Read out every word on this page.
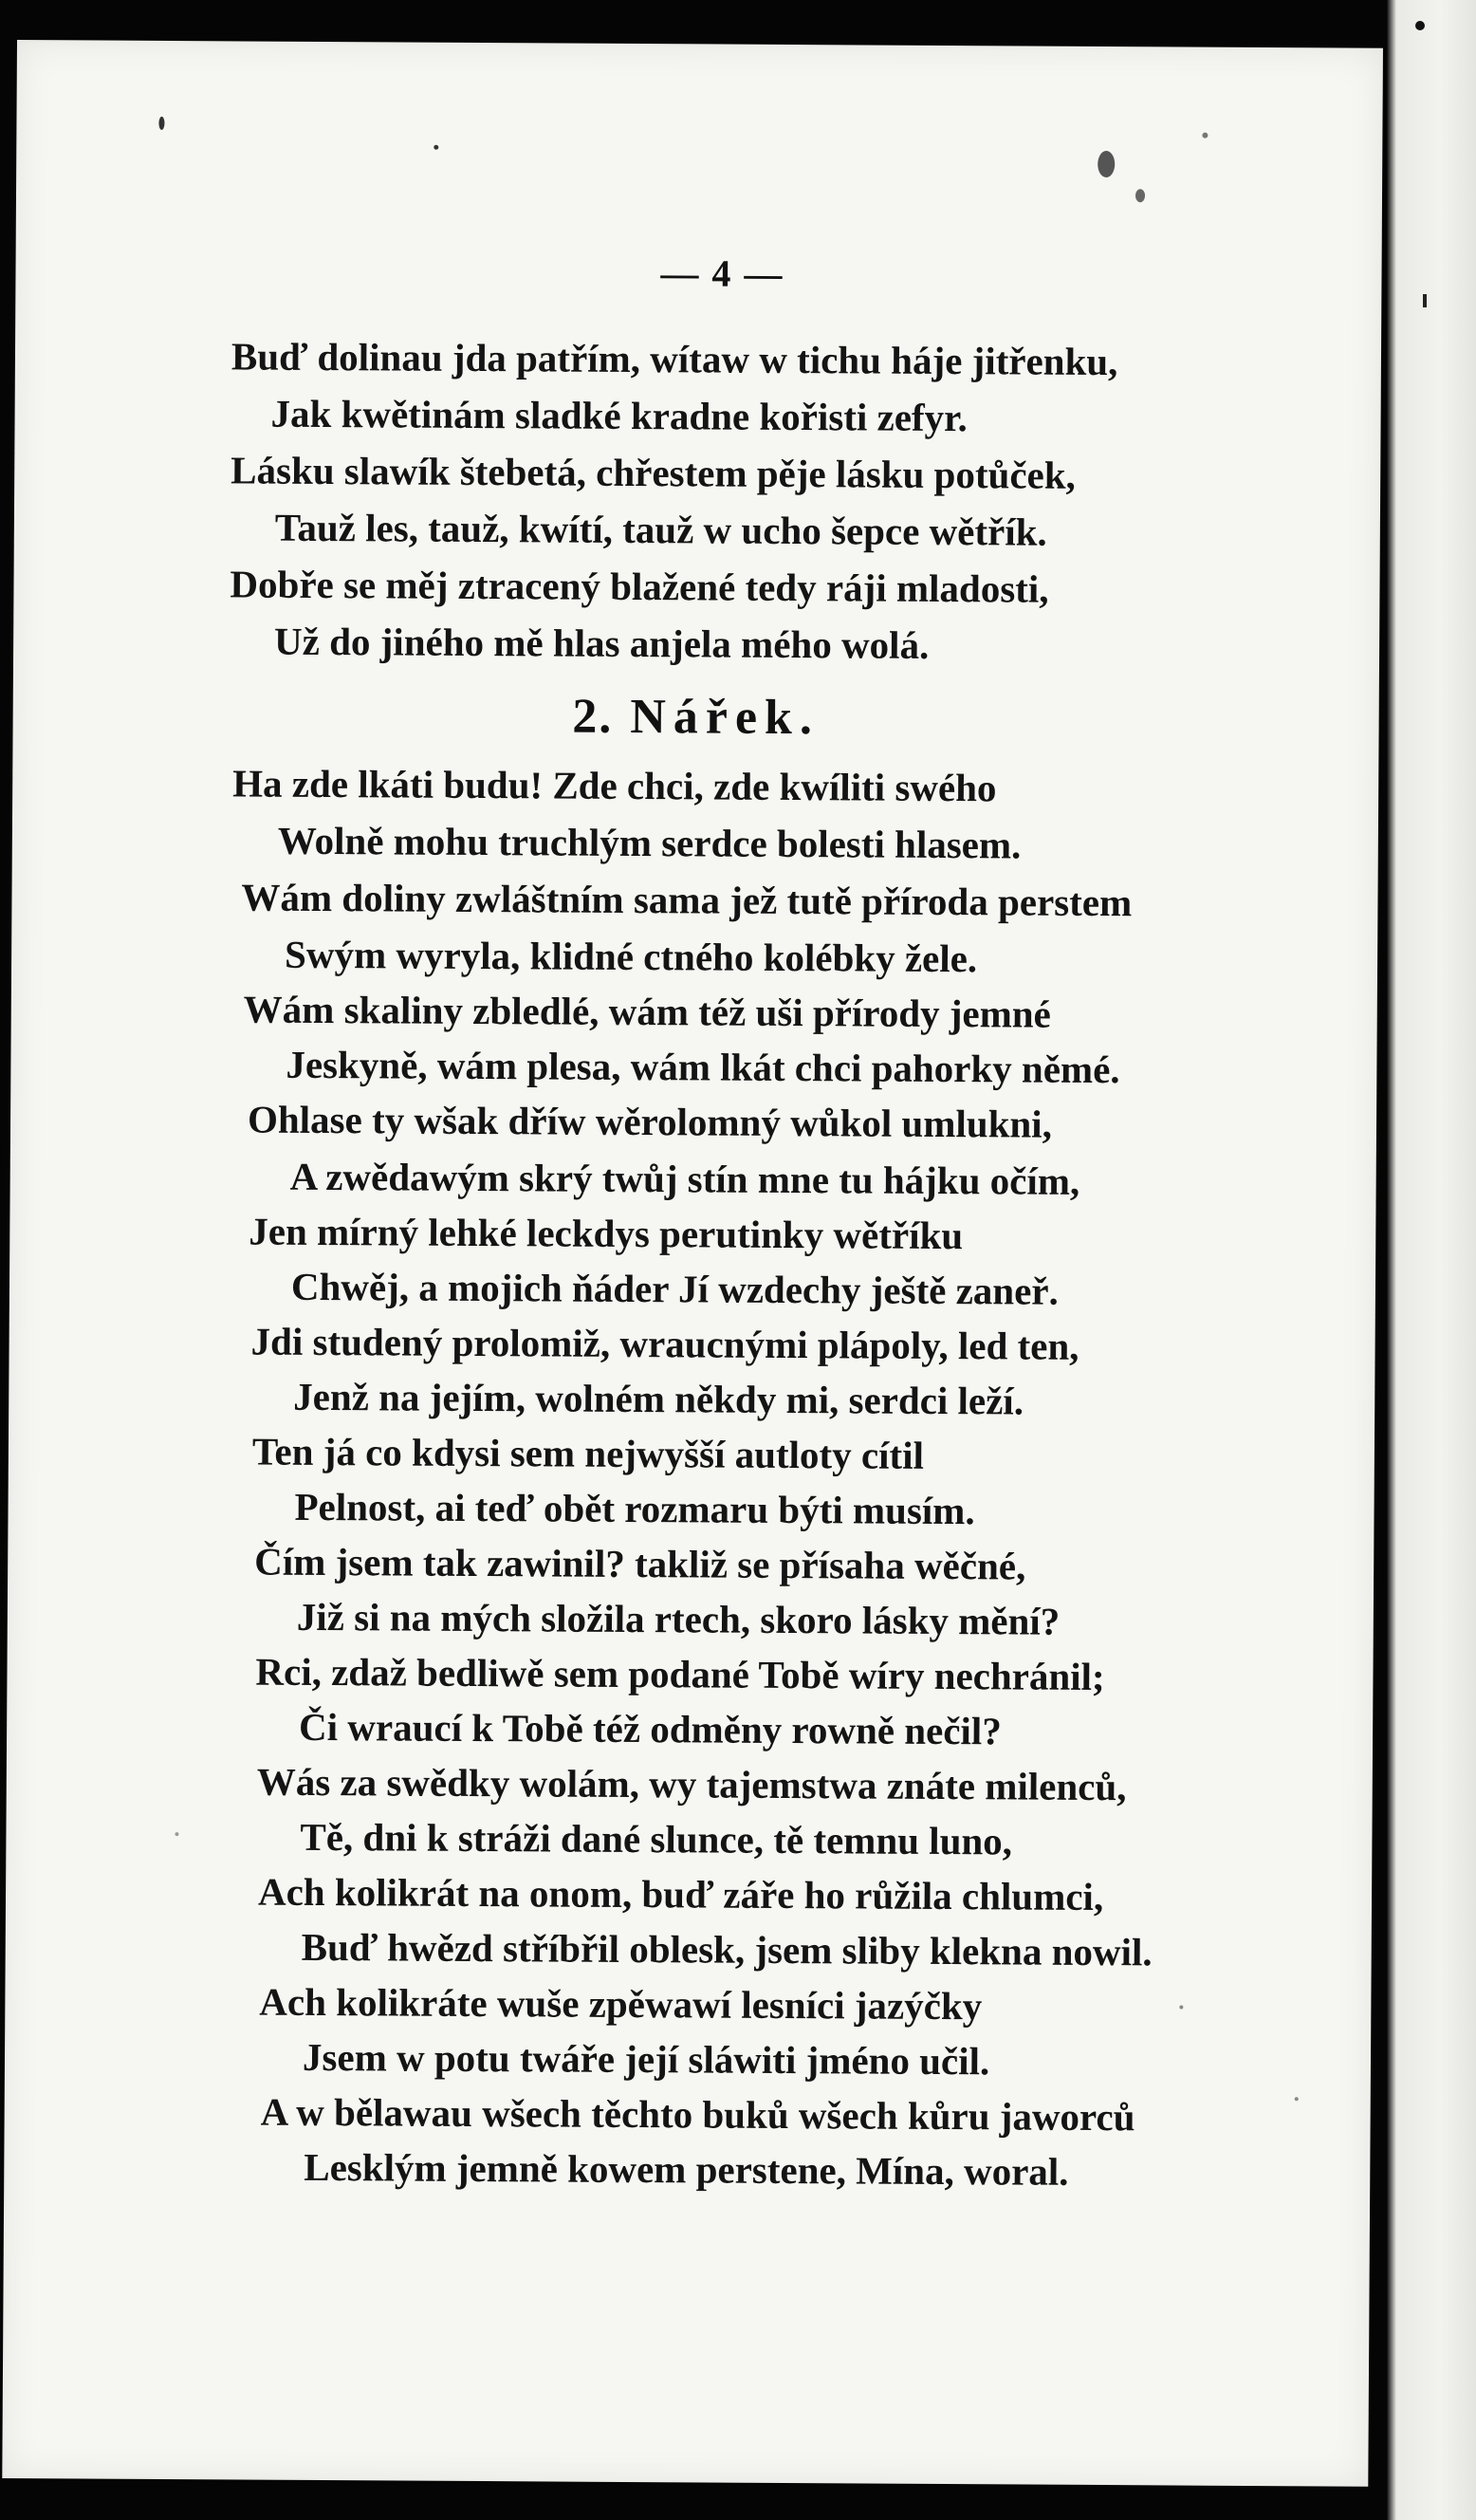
— 4 —
Buď dolinau jda patřím, wítaw w tichu háje jitřenku,
Jak kwětinám sladké kradne kořisti zefyr.
Lásku slawík štebetá, chřestem pěje lásku potůček,
Tauž les, tauž, kwítí, tauž w ucho šepce wětřík.
Dobře se měj ztracený blažené tedy ráji mladosti,
Už do jiného mě hlas anjela mého wolá.
2. Nářek.
Ha zde lkáti budu! Zde chci, zde kwíliti swého
Wolně mohu truchlým serdce bolesti hlasem.
Wám doliny zwláštním sama jež tutě příroda perstem
Swým wyryla, klidné ctného kolébky žele.
Wám skaliny zbledlé, wám též uši přírody jemné
Jeskyně, wám plesa, wám lkát chci pahorky němé.
Ohlase ty wšak dříw wěrolomný wůkol umlukni,
A zwědawým skrý twůj stín mne tu hájku očím,
Jen mírný lehké leckdys perutinky wětříku
Chwěj, a mojich ňáder Jí wzdechy ještě zaneř.
Jdi studený prolomiž, wraucnými plápoly, led ten,
Jenž na jejím, wolném někdy mi, serdci leží.
Ten já co kdysi sem nejwyšší autloty cítil
Pelnost, ai teď obět rozmaru býti musím.
Čím jsem tak zawinil? takliž se přísaha wěčné,
Již si na mých složila rtech, skoro lásky mění?
Rci, zdaž bedliwě sem podané Tobě wíry nechránil;
Či wraucí k Tobě též odměny rowně nečil?
Wás za swědky wolám, wy tajemstwa znáte milenců,
Tě, dni k stráži dané slunce, tě temnu luno,
Ach kolikrát na onom, buď záře ho růžila chlumci,
Buď hwězd stříbřil oblesk, jsem sliby klekna nowil.
Ach kolikráte wuše zpěwawí lesníci jazýčky
Jsem w potu twáře její sláwiti jméno učil.
A w bělawau wšech těchto buků wšech kůru jaworců
Lesklým jemně kowem perstene, Mína, woral.
